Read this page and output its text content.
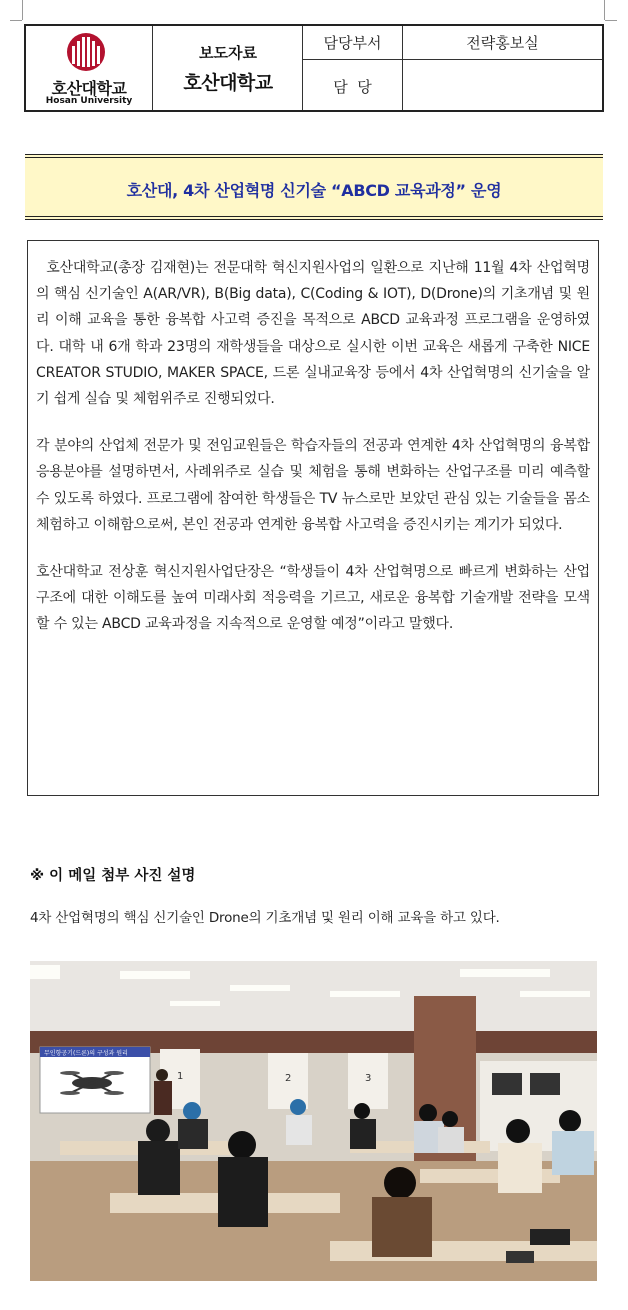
호산대학교
Hosan University
보도자료
호산대학교
담당부서	전략홍보실
담  당
호산대, 4차 산업혁명 신기술 “ABCD 교육과정” 운영

호산대학교(총장 김재현)는 전문대학 혁신지원사업의 일환으로 지난해 11월 4차 산업혁명의 핵심 신기술인 A(AR/VR), B(Big data), C(Coding & IOT), D(Drone)의 기초개념 및 원리 이해 교육을 통한 융복합 사고력 증진을 목적으로 ABCD 교육과정 프로그램을 운영하였다. 대학 내 6개 학과 23명의 재학생들을 대상으로 실시한 이번 교육은 새롭게 구축한 NICE CREATOR STUDIO, MAKER SPACE, 드론 실내교육장 등에서 4차 산업혁명의 신기술을 알기 쉽게 실습 및 체험위주로 진행되었다.

각 분야의 산업체 전문가 및 전임교원들은 학습자들의 전공과 연계한 4차 산업혁명의 융복합 응용분야를 설명하면서, 사례위주로 실습 및 체험을 통해 변화하는 산업구조를 미리 예측할 수 있도록 하였다. 프로그램에 참여한 학생들은 TV 뉴스로만 보았던 관심 있는 기술들을 몸소 체험하고 이해함으로써, 본인 전공과 연계한 융복합 사고력을 증진시키는 계기가 되었다.

호산대학교 전상훈 혁신지원사업단장은 “학생들이 4차 산업혁명으로 빠르게 변화하는 산업구조에 대한 이해도를 높여 미래사회 적응력을 기르고, 새로운 융복합 기술개발 전략을 모색할 수 있는 ABCD 교육과정을 지속적으로 운영할 예정”이라고 말했다.

※ 이 메일 첨부 사진 설명
4차 산업혁명의 핵심 신기술인 Drone의 기초개념 및 원리 이해 교육을 하고 있다.
무인항공기(드론)의 구성과 원리
1	2	3
